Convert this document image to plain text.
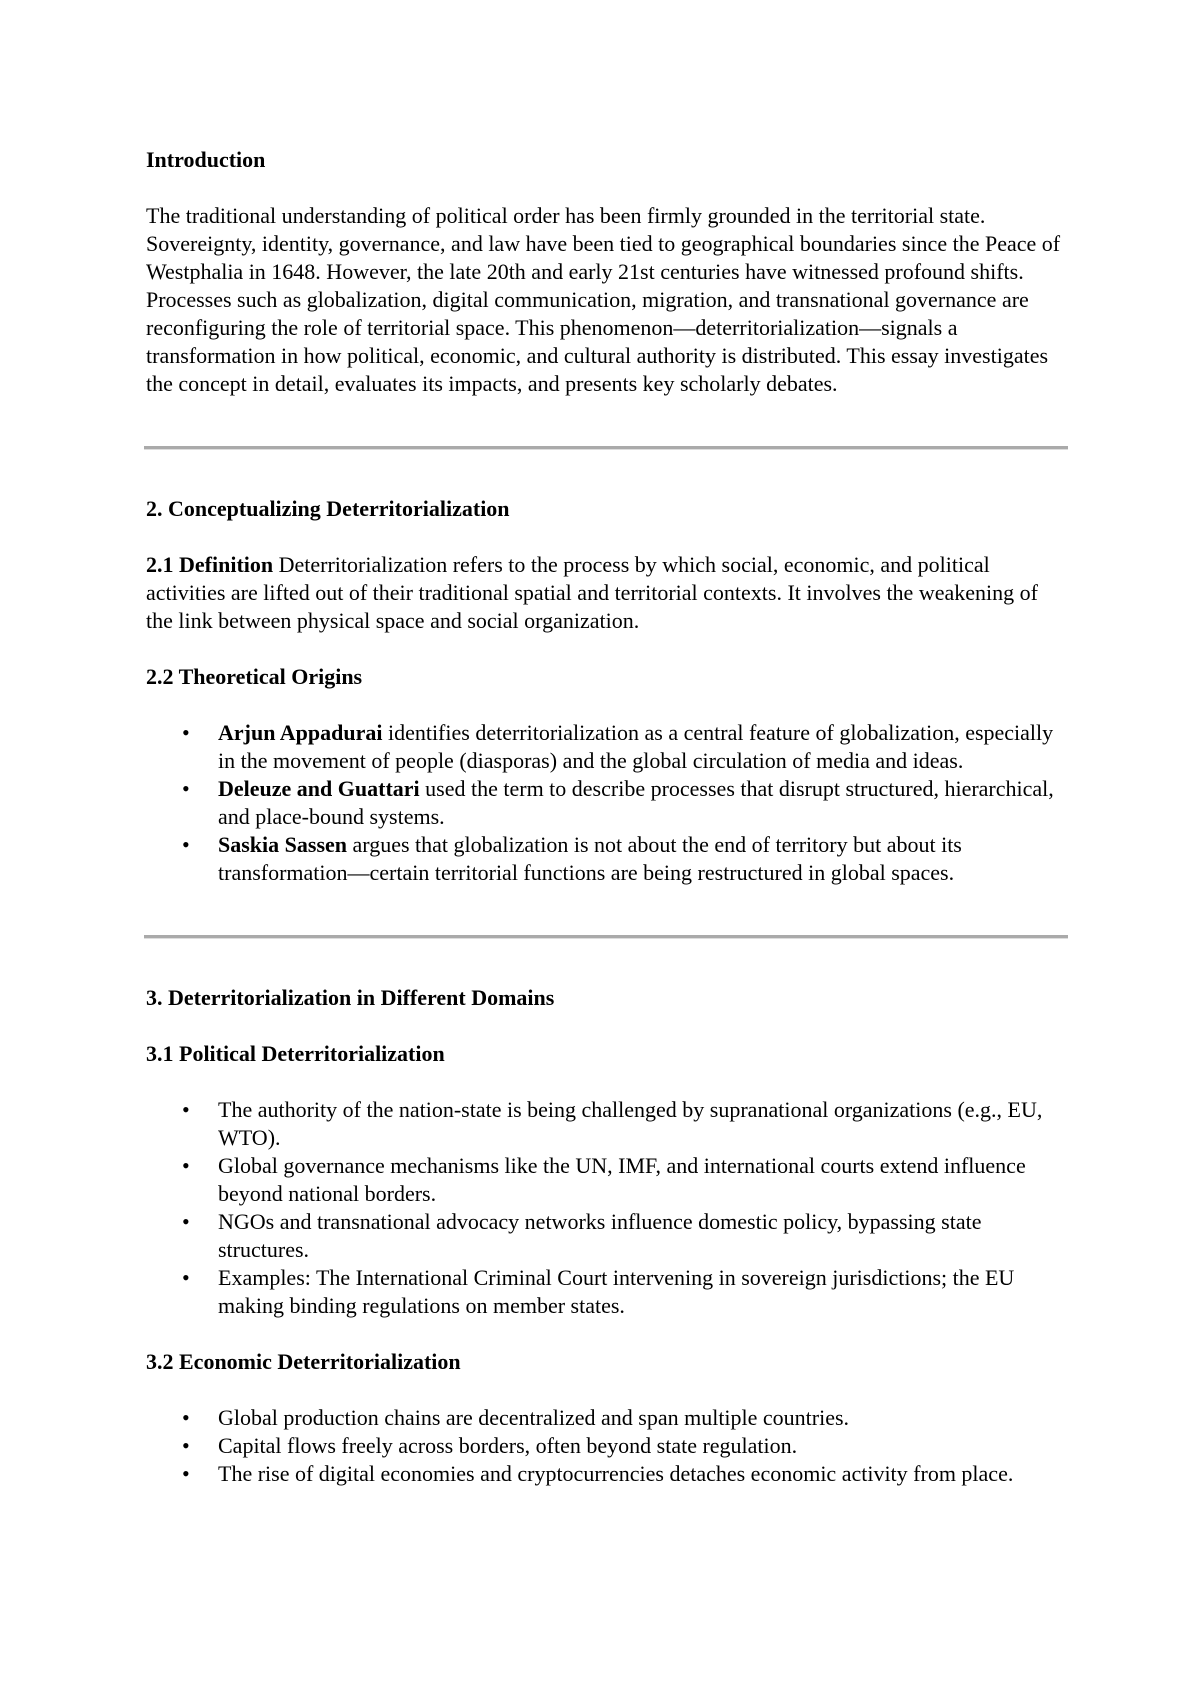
Introduction

The traditional understanding of political order has been firmly grounded in the territorial state. Sovereignty, identity, governance, and law have been tied to geographical boundaries since the Peace of Westphalia in 1648. However, the late 20th and early 21st centuries have witnessed profound shifts. Processes such as globalization, digital communication, migration, and transnational governance are reconfiguring the role of territorial space. This phenomenon—deterritorialization—signals a transformation in how political, economic, and cultural authority is distributed. This essay investigates the concept in detail, evaluates its impacts, and presents key scholarly debates.

2. Conceptualizing Deterritorialization

2.1 Definition Deterritorialization refers to the process by which social, economic, and political activities are lifted out of their traditional spatial and territorial contexts. It involves the weakening of the link between physical space and social organization.

2.2 Theoretical Origins
• Arjun Appadurai identifies deterritorialization as a central feature of globalization, especially in the movement of people (diasporas) and the global circulation of media and ideas.
• Deleuze and Guattari used the term to describe processes that disrupt structured, hierarchical, and place-bound systems.
• Saskia Sassen argues that globalization is not about the end of territory but about its transformation—certain territorial functions are being restructured in global spaces.
3. Deterritorialization in Different Domains
3.1 Political Deterritorialization
• The authority of the nation-state is being challenged by supranational organizations (e.g., EU, WTO).
• Global governance mechanisms like the UN, IMF, and international courts extend influence beyond national borders.
• NGOs and transnational advocacy networks influence domestic policy, bypassing state structures.
• Examples: The International Criminal Court intervening in sovereign jurisdictions; the EU making binding regulations on member states.
3.2 Economic Deterritorialization
• Global production chains are decentralized and span multiple countries.
• Capital flows freely across borders, often beyond state regulation.
• The rise of digital economies and cryptocurrencies detaches economic activity from place.
